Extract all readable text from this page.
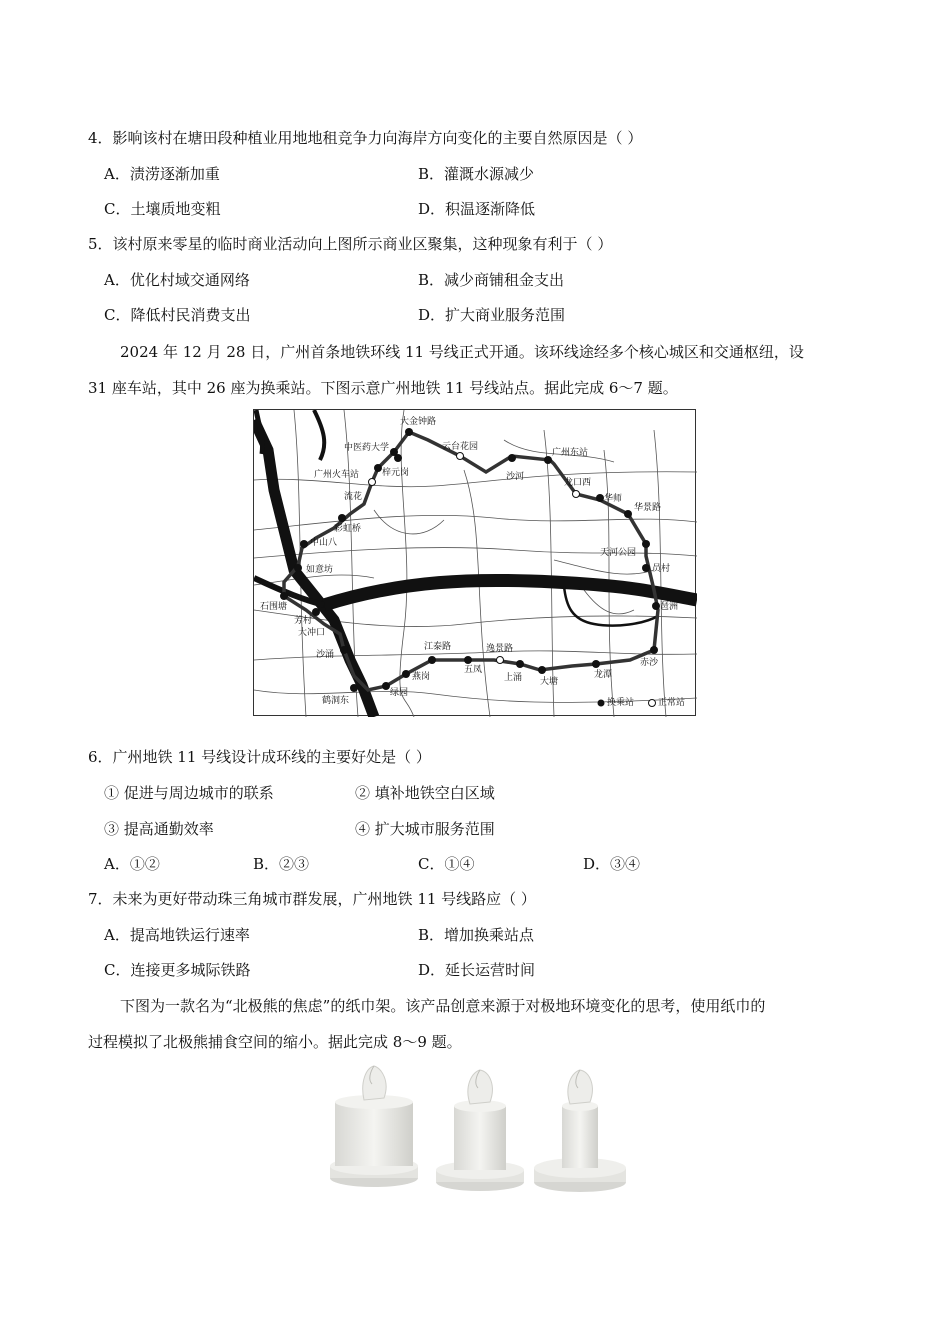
4．影响该村在塘田段种植业用地地租竞争力向海岸方向变化的主要自然原因是（ ）
A．渍涝逐渐加重	B．灌溉水源减少
C．土壤质地变粗	D．积温逐渐降低
5．该村原来零星的临时商业活动向上图所示商业区聚集，这种现象有利于（ ）
A．优化村域交通网络	B．减少商铺租金支出
C．降低村民消费支出	D．扩大商业服务范围
2024 年 12 月 28 日，广州首条地铁环线 11 号线正式开通。该环线途经多个核心城区和交通枢纽，设
31 座车站，其中 26 座为换乘站。下图示意广州地铁 11 号线站点。据此完成 6～7 题。
大金钟路
中医药大学	云台花园
广州火车站	梓元岗
广州东站
沙河
龙口西
流花	华师
华景路
彩虹桥
中山八
天河公园
员村
如意坊
石围塘	琶洲
芳村
大冲口
沙涌
江泰路	逸景路
五凤
上涌 大塘
龙潭
赤沙
燕岗
鹤洞东
绿园
换乘站	正常站
6．广州地铁 11 号线设计成环线的主要好处是（ ）
① 促进与周边城市的联系	② 填补地铁空白区域
③ 提高通勤效率	④ 扩大城市服务范围
A．①②	B．②③	C．①④	D．③④
7．未来为更好带动珠三角城市群发展，广州地铁 11 号线路应（ ）
A．提高地铁运行速率	B．增加换乘站点
C．连接更多城际铁路	D．延长运营时间
下图为一款名为“北极熊的焦虑”的纸巾架。该产品创意来源于对极地环境变化的思考，使用纸巾的
过程模拟了北极熊捕食空间的缩小。据此完成 8～9 题。
